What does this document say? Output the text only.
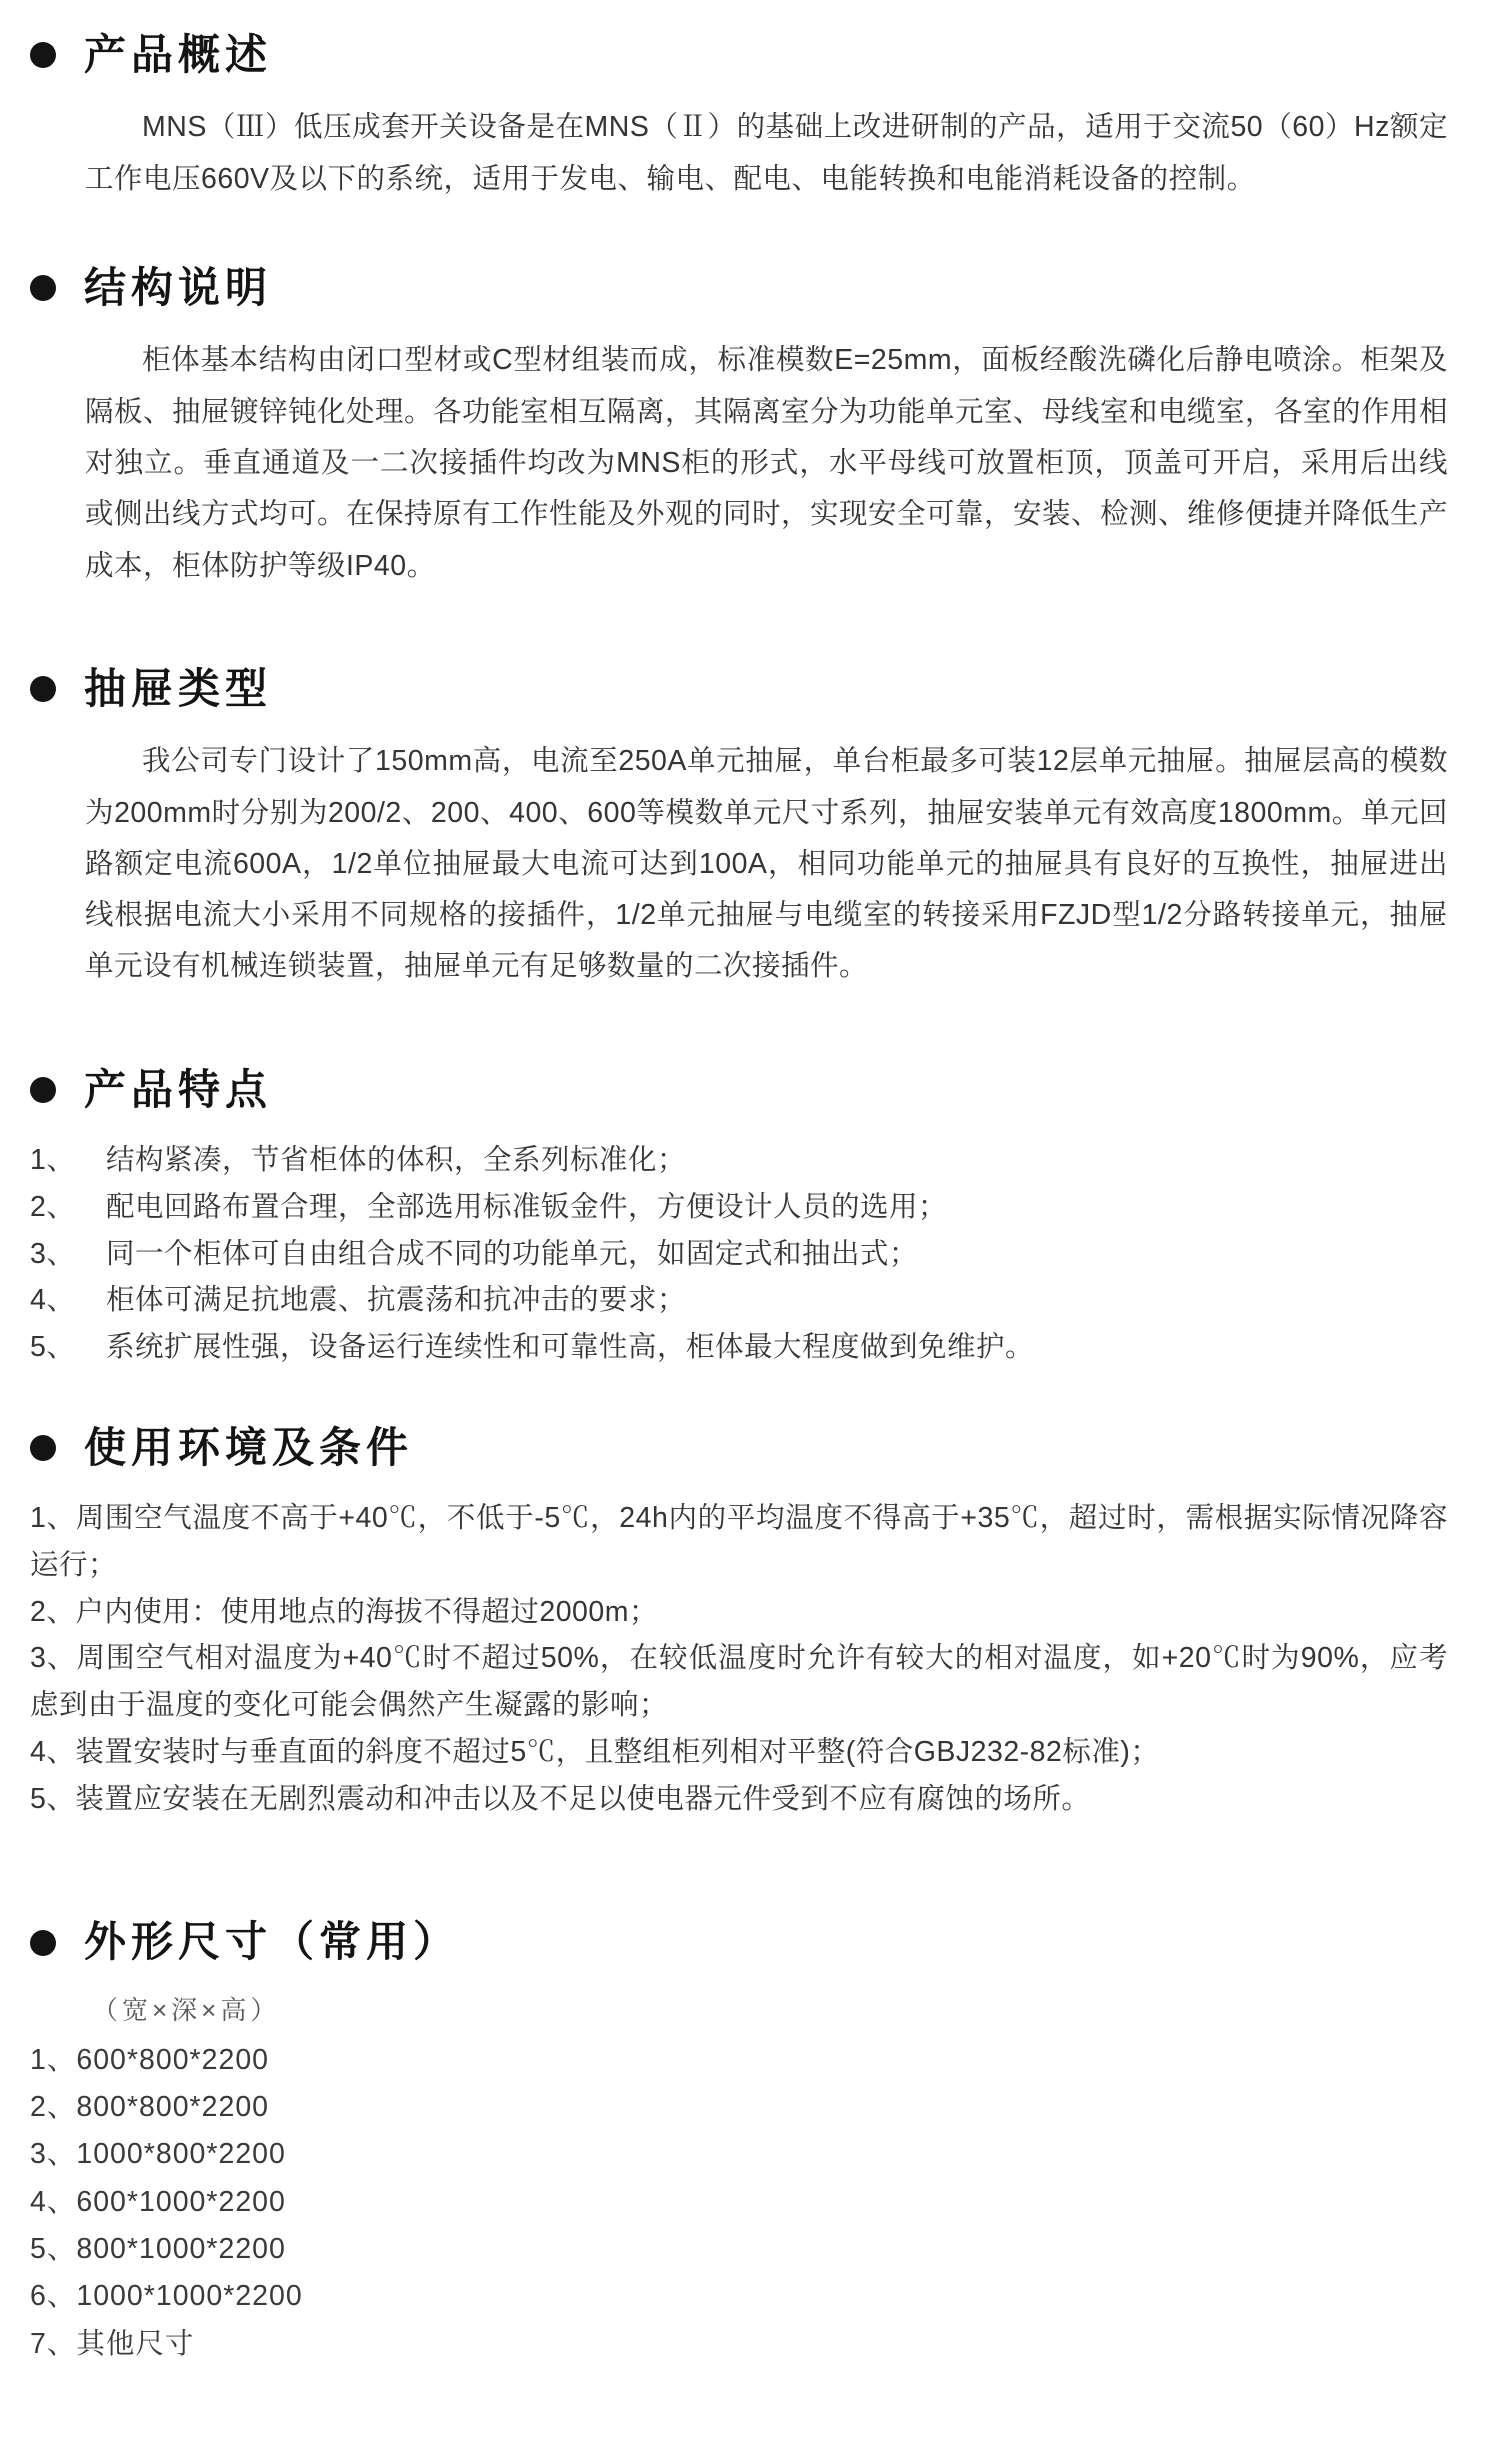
产品概述

MNS（Ⅲ）低压成套开关设备是在MNS（Ⅱ）的基础上改进研制的产品，适用于交流50（60）Hz额定工作电压660V及以下的系统，适用于发电、输电、配电、电能转换和电能消耗设备的控制。

结构说明

柜体基本结构由闭口型材或C型材组装而成，标准模数E=25mm，面板经酸洗磷化后静电喷涂。柜架及隔板、抽屉镀锌钝化处理。各功能室相互隔离，其隔离室分为功能单元室、母线室和电缆室，各室的作用相对独立。垂直通道及一二次接插件均改为MNS柜的形式，水平母线可放置柜顶，顶盖可开启，采用后出线或侧出线方式均可。在保持原有工作性能及外观的同时，实现安全可靠，安装、检测、维修便捷并降低生产成本，柜体防护等级IP40。

抽屉类型

我公司专门设计了150mm高，电流至250A单元抽屉，单台柜最多可装12层单元抽屉。抽屉层高的模数为200mm时分别为200/2、200、400、600等模数单元尺寸系列，抽屉安装单元有效高度1800mm。单元回路额定电流600A，1/2单位抽屉最大电流可达到100A，相同功能单元的抽屉具有良好的互换性，抽屉进出线根据电流大小采用不同规格的接插件，1/2单元抽屉与电缆室的转接采用FZJD型1/2分路转接单元，抽屉单元设有机械连锁装置，抽屉单元有足够数量的二次接插件。

产品特点
1、	结构紧凑，节省柜体的体积，全系列标准化；
2、	配电回路布置合理，全部选用标准钣金件，方便设计人员的选用；
3、	同一个柜体可自由组合成不同的功能单元，如固定式和抽出式；
4、	柜体可满足抗地震、抗震荡和抗冲击的要求；
5、	系统扩展性强，设备运行连续性和可靠性高，柜体最大程度做到免维护。
使用环境及条件
1、周围空气温度不高于+40℃，不低于-5℃，24h内的平均温度不得高于+35℃，超过时，需根据实际情况降容运行；
2、户内使用：使用地点的海拔不得超过2000m；
3、周围空气相对温度为+40℃时不超过50%，在较低温度时允许有较大的相对温度，如+20℃时为90%，应考虑到由于温度的变化可能会偶然产生凝露的影响；
4、装置安装时与垂直面的斜度不超过5℃，且整组柜列相对平整(符合GBJ232-82标准)；
5、装置应安装在无剧烈震动和冲击以及不足以使电器元件受到不应有腐蚀的场所。
外形尺寸（常用）

（宽×深×高）

1、600*800*2200
2、800*800*2200
3、1000*800*2200
4、600*1000*2200
5、800*1000*2200
6、1000*1000*2200
7、其他尺寸
